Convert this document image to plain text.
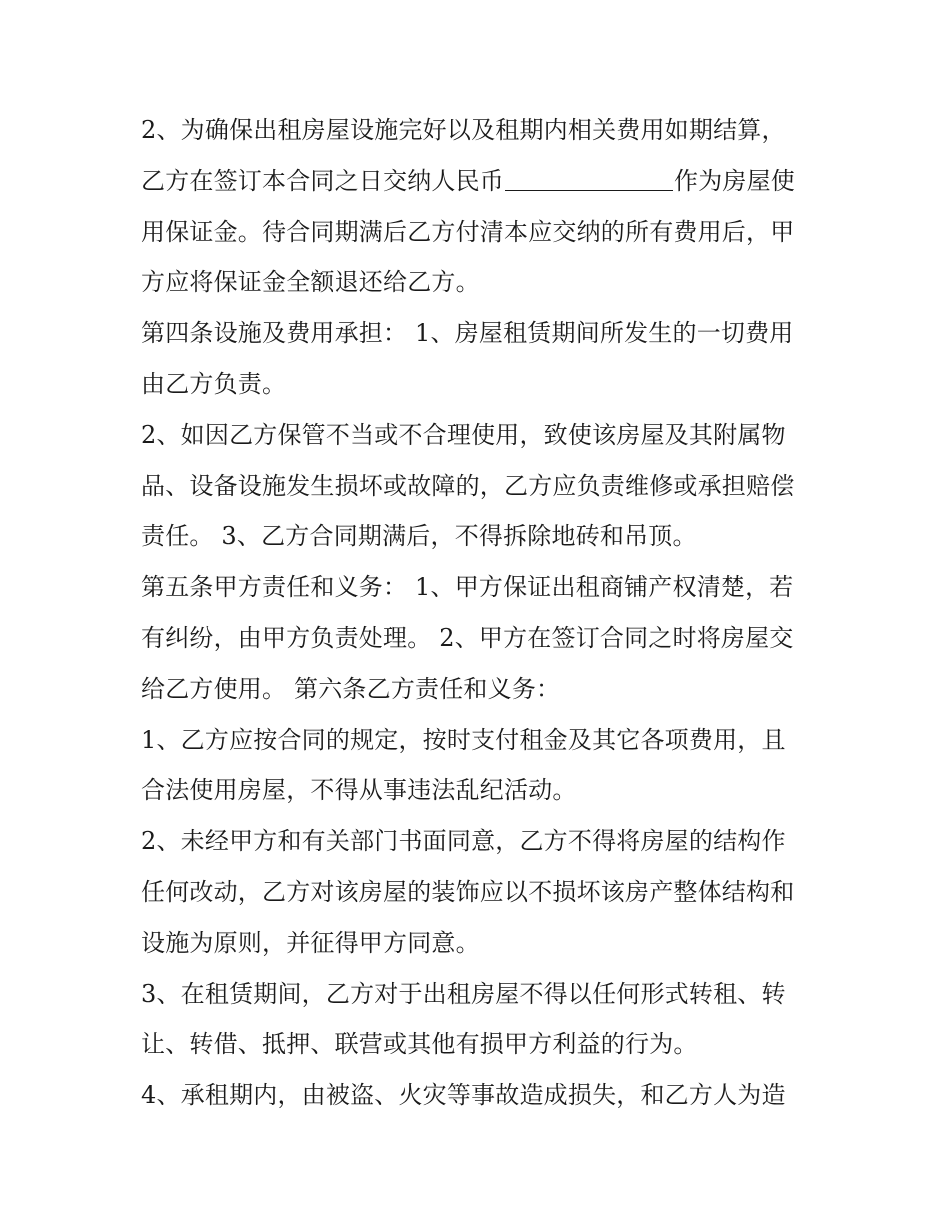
2、为确保出租房屋设施完好以及租期内相关费用如期结算，
乙方在签订本合同之日交纳人民币	作为房屋使
用保证金。待合同期满后乙方付清本应交纳的所有费用后，甲
方应将保证金全额退还给乙方。
第四条设施及费用承担： 1、房屋租赁期间所发生的一切费用
由乙方负责。
2、如因乙方保管不当或不合理使用，致使该房屋及其附属物
品、设备设施发生损坏或故障的，乙方应负责维修或承担赔偿
责任。 3、乙方合同期满后，不得拆除地砖和吊顶。
第五条甲方责任和义务： 1、甲方保证出租商铺产权清楚，若
有纠纷，由甲方负责处理。 2、甲方在签订合同之时将房屋交
给乙方使用。 第六条乙方责任和义务：
1、乙方应按合同的规定，按时支付租金及其它各项费用，且
合法使用房屋，不得从事违法乱纪活动。
2、未经甲方和有关部门书面同意，乙方不得将房屋的结构作
任何改动，乙方对该房屋的装饰应以不损坏该房产整体结构和
设施为原则，并征得甲方同意。
3、在租赁期间，乙方对于出租房屋不得以任何形式转租、转
让、转借、抵押、联营或其他有损甲方利益的行为。
4、承租期内，由被盗、火灾等事故造成损失，和乙方人为造
